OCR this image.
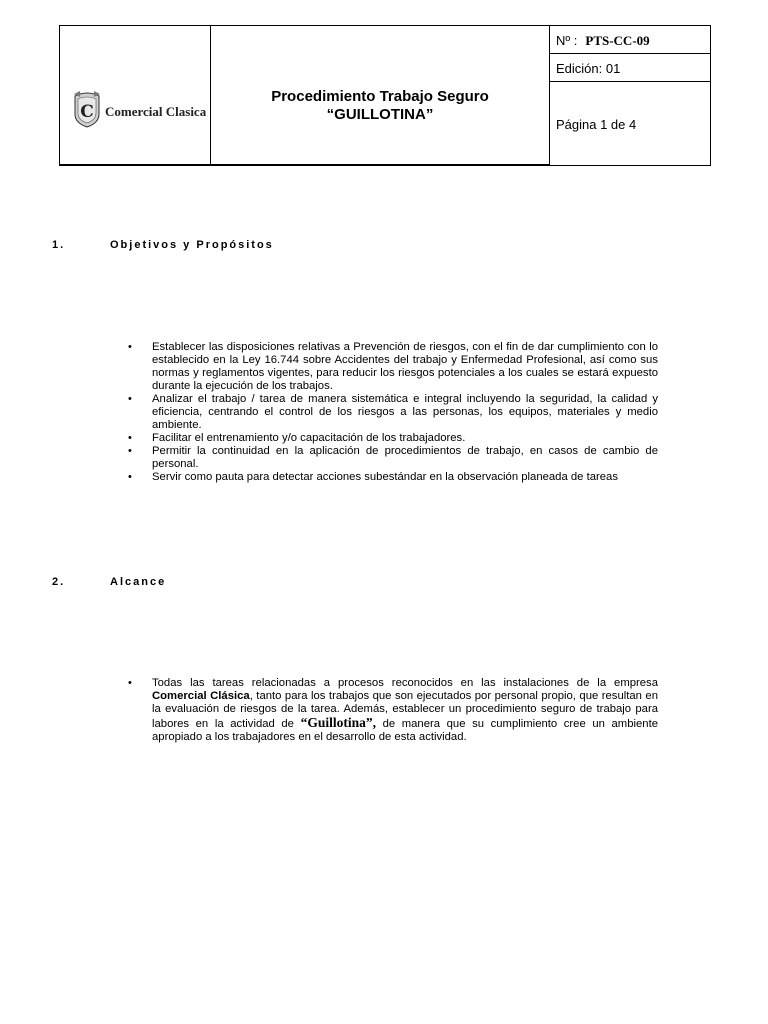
C Comercial Clasica
Procedimiento Trabajo Seguro
“GUILLOTINA”
Nº : PTS-CC-09
Edición: 01
Página 1 de 4
1.	Objetivos y Propósitos
• Establecer las disposiciones relativas a Prevención de riesgos, con el fin de dar cumplimiento con lo establecido en la Ley 16.744 sobre Accidentes del trabajo y Enfermedad Profesional, así como sus normas y reglamentos vigentes, para reducir los riesgos potenciales a los cuales se estará expuesto durante la ejecución de los trabajos.
• Analizar el trabajo / tarea de manera sistemática e integral incluyendo la seguridad, la calidad y eficiencia, centrando el control de los riesgos a las personas, los equipos, materiales y medio ambiente.
• Facilitar el entrenamiento y/o capacitación de los trabajadores.
• Permitir la continuidad en la aplicación de procedimientos de trabajo, en casos de cambio de personal.
• Servir como pauta para detectar acciones subestándar en la observación planeada de tareas
2.	Alcance
• Todas las tareas relacionadas a procesos reconocidos en las instalaciones de la empresa Comercial Clásica, tanto para los trabajos que son ejecutados por personal propio, que resultan en la evaluación de riesgos de la tarea. Además, establecer un procedimiento seguro de trabajo para labores en la actividad de “Guillotina”, de manera que su cumplimiento cree un ambiente apropiado a los trabajadores en el desarrollo de esta actividad.
